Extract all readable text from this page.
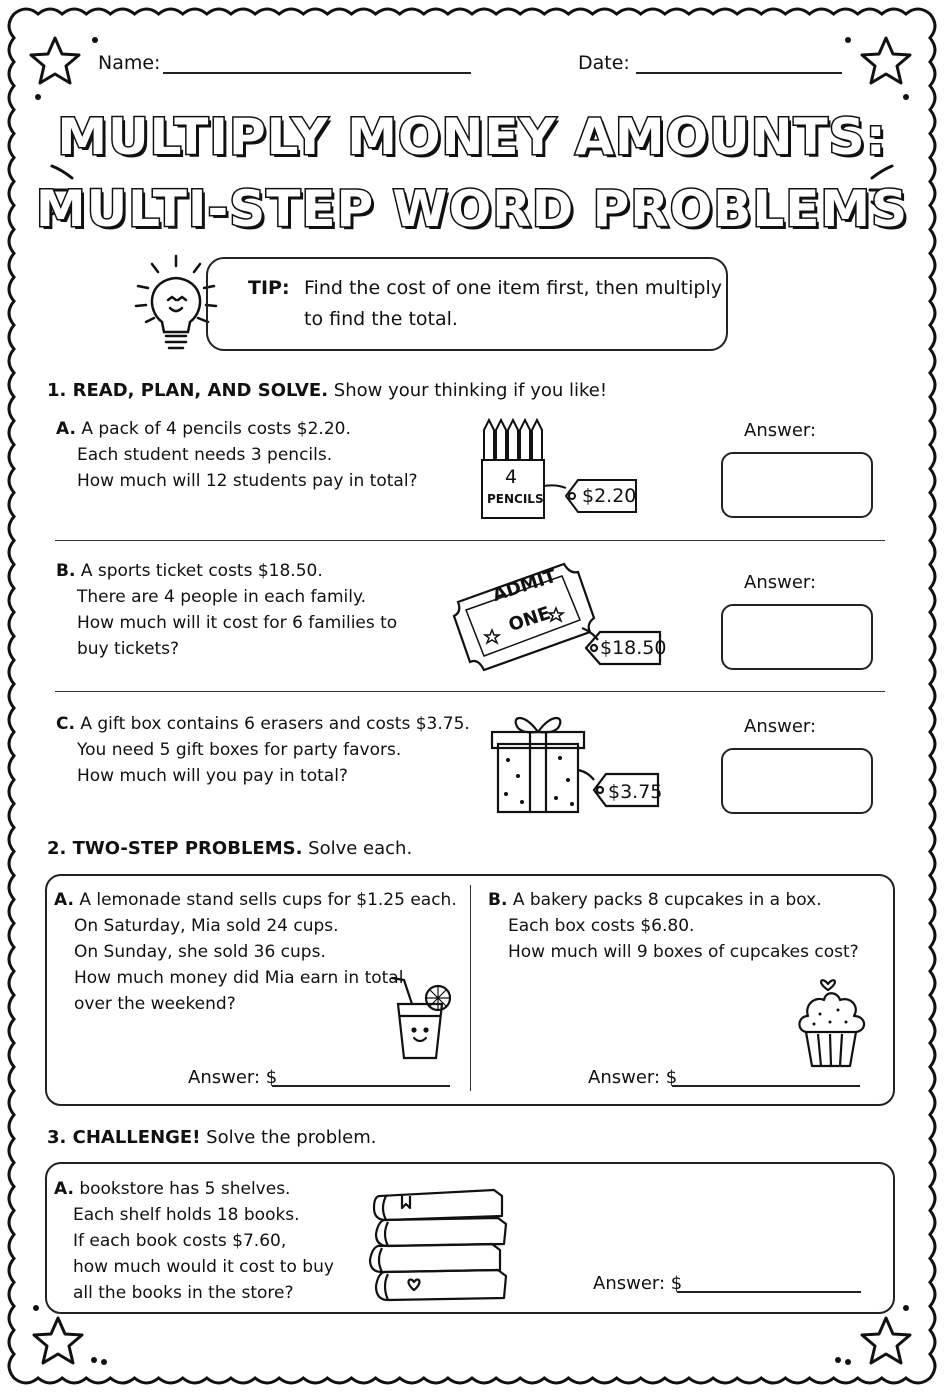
Name:	Date:
MULTIPLY MONEY AMOUNTS:
MULTI-STEP WORD PROBLEMS
TIP: Find the cost of one item first, then multiply
to find the total.
1. READ, PLAN, AND SOLVE. Show your thinking if you like!
A. A pack of 4 pencils costs $2.20.
Each student needs 3 pencils.
How much will 12 students pay in total?	4
PENCILS $2.20
Answer:
B. A sports ticket costs $18.50.
There are 4 people in each family.
How much will it cost for 6 families to
buy tickets?
ADMIT
ONE
$18.50
Answer:
C. A gift box contains 6 erasers and costs $3.75.
You need 5 gift boxes for party favors.
How much will you pay in total?
$3.75
Answer:
2. TWO-STEP PROBLEMS. Solve each.
A. A lemonade stand sells cups for $1.25 each.
On Saturday, Mia sold 24 cups.
On Sunday, she sold 36 cups.
How much money did Mia earn in total
over the weekend?
Answer: $
B. A bakery packs 8 cupcakes in a box.
Each box costs $6.80.
How much will 9 boxes of cupcakes cost?
Answer: $
3. CHALLENGE! Solve the problem.
A. bookstore has 5 shelves.
Each shelf holds 18 books.
If each book costs $7.60,
how much would it cost to buy
all the books in the store?	Answer: $
